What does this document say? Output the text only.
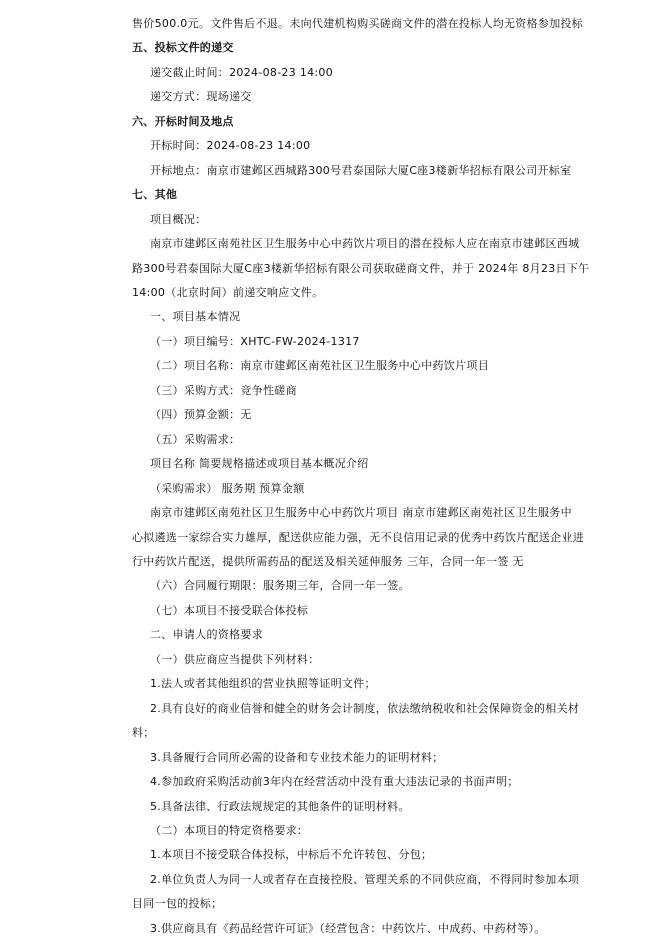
售价500.0元。文件售后不退。未向代建机构购买磋商文件的潜在投标人均无资格参加投标
五、投标文件的递交
递交截止时间：2024-08-23 14:00
递交方式：现场递交
六、开标时间及地点
开标时间：2024-08-23 14:00
开标地点：南京市建邺区西城路300号君泰国际大厦C座3楼新华招标有限公司开标室
七、其他
项目概况：
南京市建邺区南苑社区卫生服务中心中药饮片项目的潜在投标人应在南京市建邺区西城
路300号君泰国际大厦C座3楼新华招标有限公司获取磋商文件，并于 2024年 8月23日下午
14:00（北京时间）前递交响应文件。
一、项目基本情况
（一）项目编号：XHTC-FW-2024-1317
（二）项目名称：南京市建邺区南苑社区卫生服务中心中药饮片项目
（三）采购方式：竞争性磋商
（四）预算金额：无
（五）采购需求：
项目名称 简要规格描述或项目基本概况介绍
（采购需求） 服务期 预算金额
南京市建邺区南苑社区卫生服务中心中药饮片项目 南京市建邺区南苑社区卫生服务中
心拟遴选一家综合实力雄厚，配送供应能力强，无不良信用记录的优秀中药饮片配送企业进
行中药饮片配送，提供所需药品的配送及相关延伸服务 三年，合同一年一签 无
（六）合同履行期限：服务期三年，合同一年一签。
（七）本项目不接受联合体投标
二、申请人的资格要求
（一）供应商应当提供下列材料：
1.法人或者其他组织的营业执照等证明文件；
2.具有良好的商业信誉和健全的财务会计制度，依法缴纳税收和社会保障资金的相关材
料；
3.具备履行合同所必需的设备和专业技术能力的证明材料；
4.参加政府采购活动前3年内在经营活动中没有重大违法记录的书面声明；
5.具备法律、行政法规规定的其他条件的证明材料。
（二）本项目的特定资格要求：
1.本项目不接受联合体投标，中标后不允许转包、分包；
2.单位负责人为同一人或者存在直接控股、管理关系的不同供应商，不得同时参加本项
目同一包的投标；
3.供应商具有《药品经营许可证》（经营包含：中药饮片、中成药、中药材等）。
